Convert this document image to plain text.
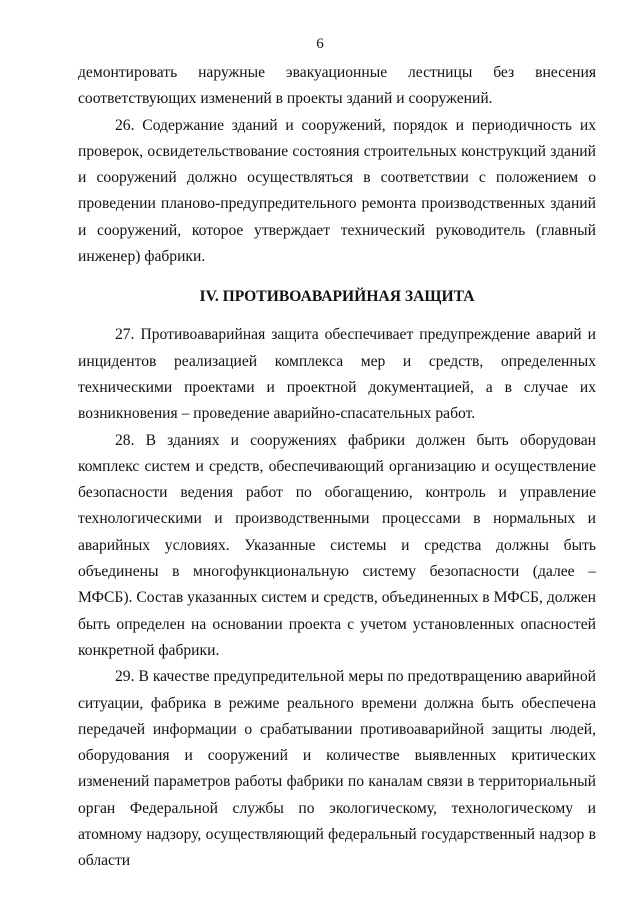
6

демонтировать наружные эвакуационные лестницы без внесения соответствующих изменений в проекты зданий и сооружений.

26. Содержание зданий и сооружений, порядок и периодичность их проверок, освидетельствование состояния строительных конструкций зданий и сооружений должно осуществляться в соответствии с положением о проведении планово-предупредительного ремонта производственных зданий и сооружений, которое утверждает технический руководитель (главный инженер) фабрики.

IV. ПРОТИВОАВАРИЙНАЯ ЗАЩИТА

27. Противоаварийная защита обеспечивает предупреждение аварий и инцидентов реализацией комплекса мер и средств, определенных техническими проектами и проектной документацией, а в случае их возникновения – проведение аварийно-спасательных работ.

28. В зданиях и сооружениях фабрики должен быть оборудован комплекс систем и средств, обеспечивающий организацию и осуществление безопасности ведения работ по обогащению, контроль и управление технологическими и производственными процессами в нормальных и аварийных условиях. Указанные системы и средства должны быть объединены в многофункциональную систему безопасности (далее – МФСБ). Состав указанных систем и средств, объединенных в МФСБ, должен быть определен на основании проекта с учетом установленных опасностей конкретной фабрики.

29. В качестве предупредительной меры по предотвращению аварийной ситуации, фабрика в режиме реального времени должна быть обеспечена передачей информации о срабатывании противоаварийной защиты людей, оборудования и сооружений и количестве выявленных критических изменений параметров работы фабрики по каналам связи в территориальный орган Федеральной службы по экологическому, технологическому и атомному надзору, осуществляющий федеральный государственный надзор в области
